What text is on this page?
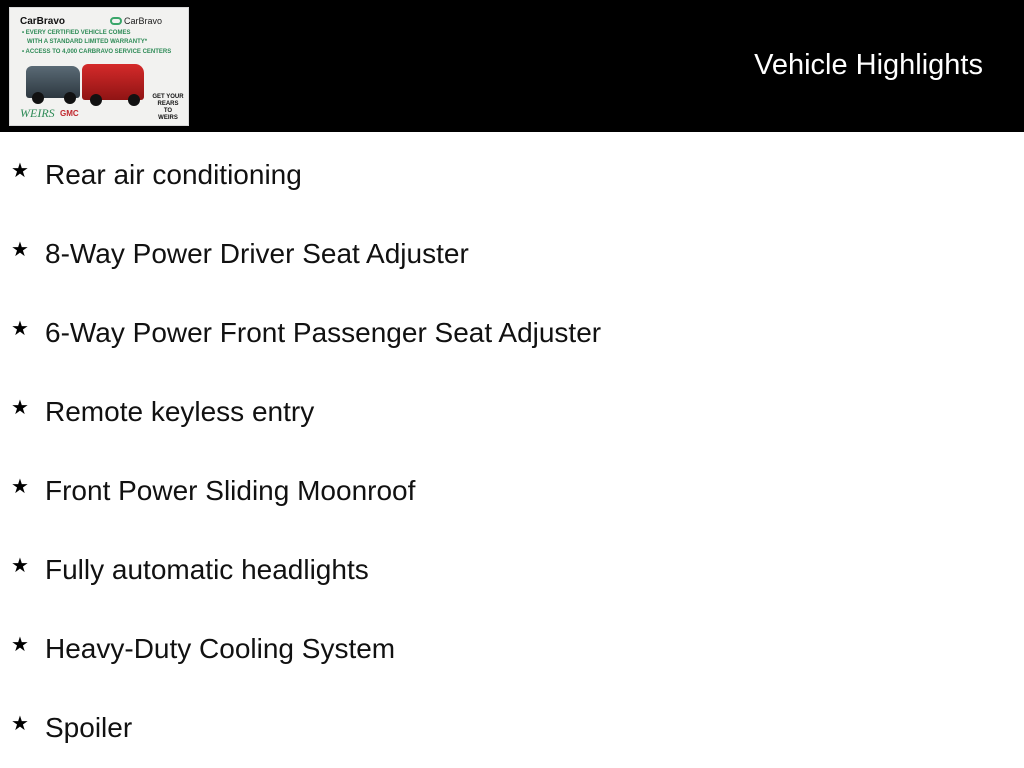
CarBravo	CarBravo
• EVERY CERTIFIED VEHICLE COMES
WITH A STANDARD LIMITED WARRANTY*
• ACCESS TO 4,000 CARBRAVO SERVICE CENTERS
WEIRS GMC
GET YOUR
REARS
TO
WEIRS
Vehicle Highlights
★ Rear air conditioning
★ 8-Way Power Driver Seat Adjuster
★ 6-Way Power Front Passenger Seat Adjuster
★ Remote keyless entry
★ Front Power Sliding Moonroof
★ Fully automatic headlights
★ Heavy-Duty Cooling System
★ Spoiler
